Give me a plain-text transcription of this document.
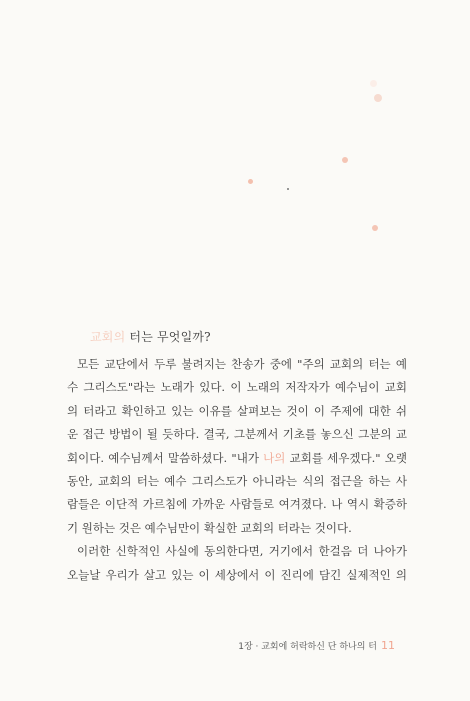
교회의 터는 무엇일까?
모든 교단에서 두루 불려지는 찬송가 중에 "주의 교회의 터는 예
수 그리스도"라는 노래가 있다. 이 노래의 저작자가 예수님이 교회
의 터라고 확인하고 있는 이유를 살펴보는 것이 이 주제에 대한 쉬
운 접근 방법이 될 듯하다. 결국, 그분께서 기초를 놓으신 그분의 교
회이다. 예수님께서 말씀하셨다. "내가 나의 교회를 세우겠다." 오랫
동안, 교회의 터는 예수 그리스도가 아니라는 식의 접근을 하는 사
람들은 이단적 가르침에 가까운 사람들로 여겨졌다. 나 역시 확증하
기 원하는 것은 예수님만이 확실한 교회의 터라는 것이다.
이러한 신학적인 사실에 동의한다면, 거기에서 한걸음 더 나아가
오늘날 우리가 살고 있는 이 세상에서 이 진리에 담긴 실제적인 의
1장 · 교회에 허락하신 단 하나의 터 11
